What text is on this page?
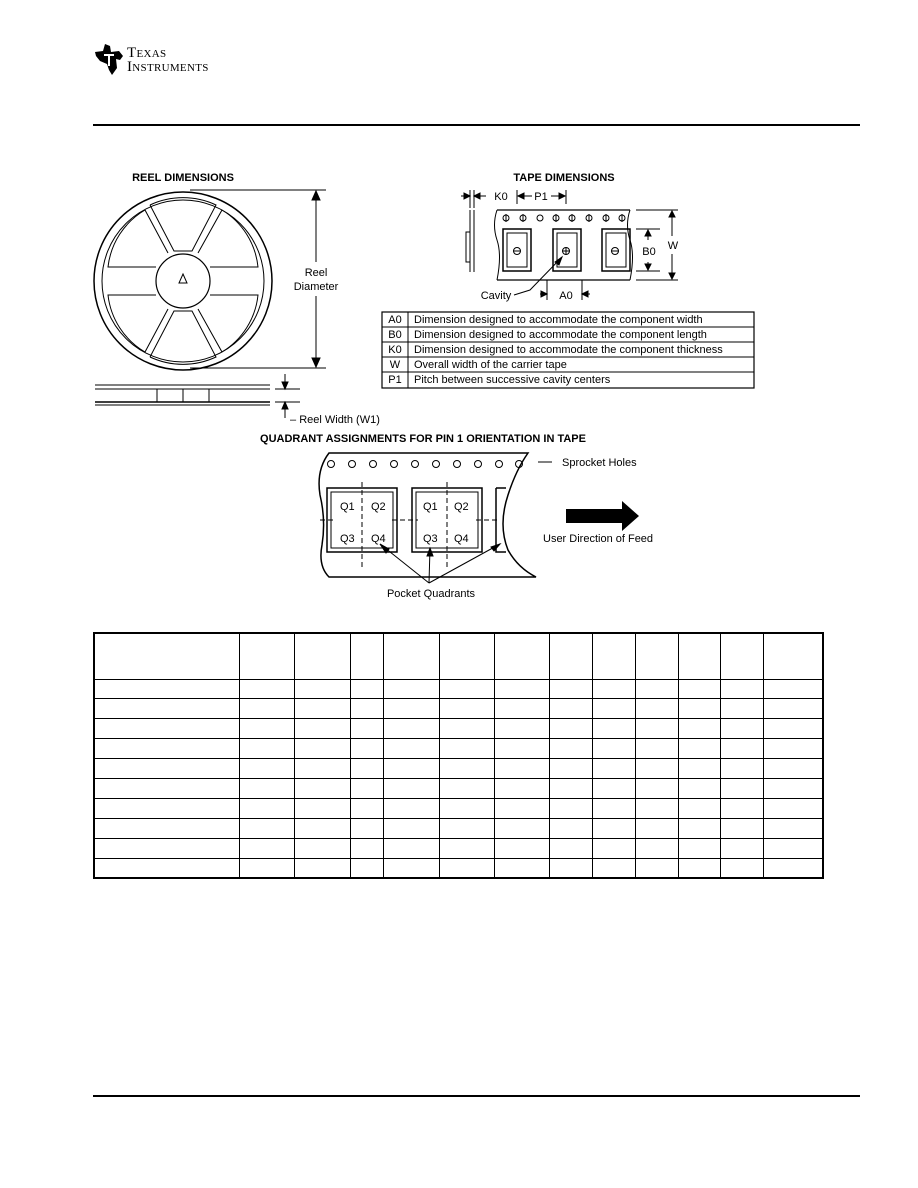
Texas
Instruments
REEL DIMENSIONS
Reel
Diameter
– Reel Width (W1)
TAPE DIMENSIONS
K0 P1
B0 W
A0
Cavity
A0 Dimension designed to accommodate the component width
B0 Dimension designed to accommodate the component length
K0 Dimension designed to accommodate the component thickness
W Overall width of the carrier tape
P1 Pitch between successive cavity centers
QUADRANT ASSIGNMENTS FOR PIN 1 ORIENTATION IN TAPE
Q1 Q2
Q3 Q4
Q1 Q2
Q3 Q4
Sprocket Holes
User Direction of Feed
Pocket Quadrants
